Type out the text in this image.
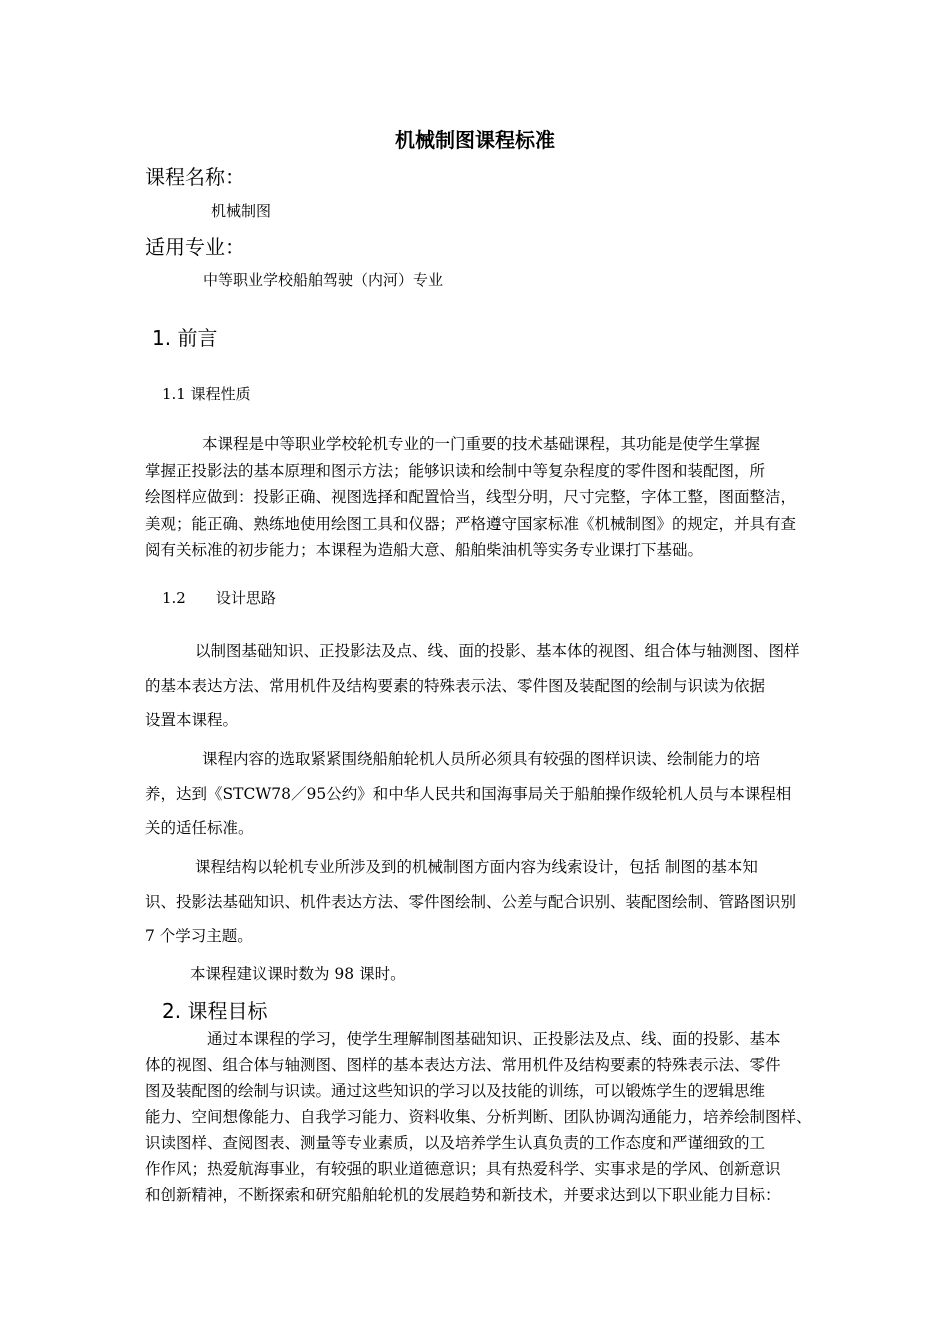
机械制图课程标准
课程名称：
机械制图
适用专业：
中等职业学校船舶驾驶（内河）专业
1. 前言
1.1 课程性质

本课程是中等职业学校轮机专业的一门重要的技术基础课程，其功能是使学生掌握

掌握正投影法的基本原理和图示方法；能够识读和绘制中等复杂程度的零件图和装配图，所

绘图样应做到：投影正确、视图选择和配置恰当，线型分明，尺寸完整，字体工整，图面整洁，

美观；能正确、熟练地使用绘图工具和仪器；严格遵守国家标准《机械制图》的规定，并具有查

阅有关标准的初步能力；本课程为造船大意、船舶柴油机等实务专业课打下基础。

1.2　　设计思路

以制图基础知识、正投影法及点、线、面的投影、基本体的视图、组合体与轴测图、图样

的基本表达方法、常用机件及结构要素的特殊表示法、零件图及装配图的绘制与识读为依据

设置本课程。

课程内容的选取紧紧围绕船舶轮机人员所必须具有较强的图样识读、绘制能力的培

养，达到《STCW78／95公约》和中华人民共和国海事局关于船舶操作级轮机人员与本课程相

关的适任标准。

课程结构以轮机专业所涉及到的机械制图方面内容为线索设计，包括 制图的基本知

识、投影法基础知识、机件表达方法、零件图绘制、公差与配合识别、装配图绘制、管路图识别

7 个学习主题。

本课程建议课时数为 98 课时。
2. 课程目标

通过本课程的学习，使学生理解制图基础知识、正投影法及点、线、面的投影、基本

体的视图、组合体与轴测图、图样的基本表达方法、常用机件及结构要素的特殊表示法、零件

图及装配图的绘制与识读。通过这些知识的学习以及技能的训练，可以锻炼学生的逻辑思维

能力、空间想像能力、自我学习能力、资料收集、分析判断、团队协调沟通能力，培养绘制图样、

识读图样、查阅图表、测量等专业素质，以及培养学生认真负责的工作态度和严谨细致的工

作作风；热爱航海事业，有较强的职业道德意识；具有热爱科学、实事求是的学风、创新意识

和创新精神，不断探索和研究船舶轮机的发展趋势和新技术，并要求达到以下职业能力目标：
